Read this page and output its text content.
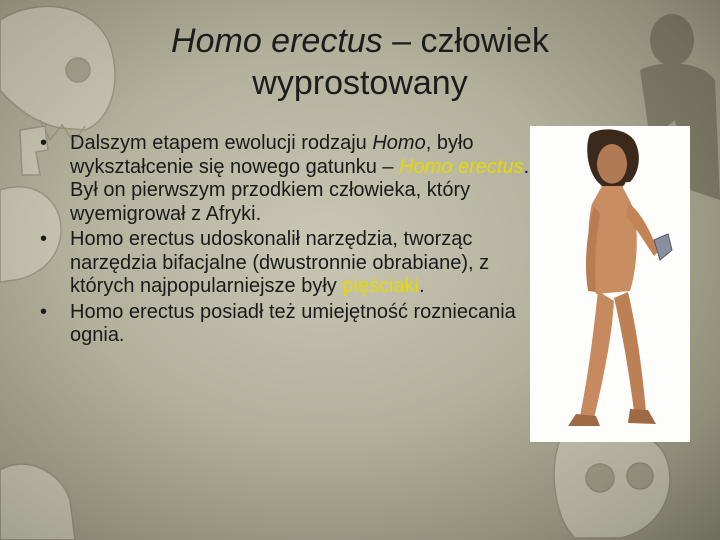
Homo erectus – człowiek wyprostowany
•	Dalszym etapem ewolucji rodzaju Homo, było wykształcenie się nowego gatunku – Homo erectus. Był on pierwszym przodkiem człowieka, który wyemigrował z Afryki.
•	Homo erectus udoskonalił narzędzia, tworząc narzędzia bifacjalne (dwustronnie obrabiane), z których najpopularniejsze były pięściaki.
•	Homo erectus posiadł też umiejętność rozniecania ognia.
